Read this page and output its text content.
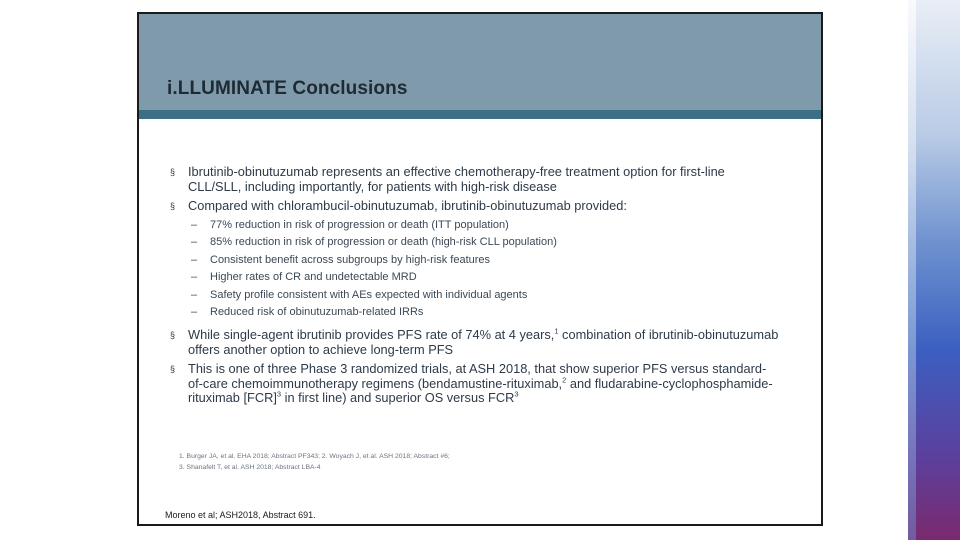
i.LLUMINATE Conclusions
§ Ibrutinib-obinutuzumab represents an effective chemotherapy-free treatment option for first-line CLL/SLL, including importantly, for patients with high-risk disease
§ Compared with chlorambucil-obinutuzumab, ibrutinib-obinutuzumab provided:
– 77% reduction in risk of progression or death (ITT population)
– 85% reduction in risk of progression or death (high-risk CLL population)
– Consistent benefit across subgroups by high-risk features
– Higher rates of CR and undetectable MRD
– Safety profile consistent with AEs expected with individual agents
– Reduced risk of obinutuzumab-related IRRs
§ While single-agent ibrutinib provides PFS rate of 74% at 4 years,$^1$ combination of ibrutinib-obinutuzumab offers another option to achieve long-term PFS
§ This is one of three Phase 3 randomized trials, at ASH 2018, that show superior PFS versus standard-of-care chemoimmunotherapy regimens (bendamustine-rituximab,$^2$ and fludarabine-cyclophosphamide-rituximab [FCR]$^3$ in first line) and superior OS versus FCR$^3$
1. Burger JA, et al. EHA 2018; Abstract PF343; 2. Woyach J, et al. ASH 2018; Abstract #6;
3. Shanafelt T, et al. ASH 2018; Abstract LBA-4
Moreno et al; ASH2018, Abstract 691.
